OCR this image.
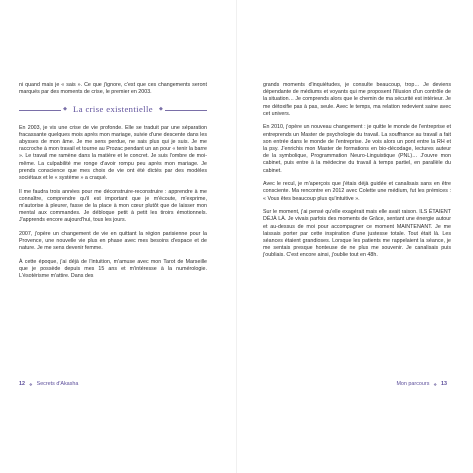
ni quand mais je « sais ». Ce que j'ignore, c'est que ces changements seront marqués par des moments de crise, le premier en 2003.

◆ La crise existentielle	◆

En 2003, je vis une crise de vie profonde. Elle se traduit par une séparation fracassante quelques mois après mon mariage, suivie d'une descente dans les abysses de mon âme. Je me sens perdue, ne sais plus qui je suis. Je me raccroche à mon travail et tourne au Prozac pendant un an pour « tenir la barre ». Le travail me ramène dans la matière et le concret. Je suis l'ombre de moi-même. La culpabilité me ronge d'avoir rompu peu après mon mariage. Je prends conscience que mes choix de vie ont été dictés par des modèles sociétaux et le « système » a craqué.

Il me faudra trois années pour me déconstruire-reconstruire : apprendre à me connaître, comprendre qu'il est important que je m'écoute, m'exprime, m'autorise à pleurer, fasse de la place à mon cœur plutôt que de laisser mon mental aux commandes. Je débloque petit à petit les tiroirs émotionnels. J'apprends encore aujourd'hui, tous les jours.

2007, j'opère un changement de vie en quittant la région parisienne pour la Provence, une nouvelle vie plus en phase avec mes besoins d'espace et de nature. Je me sens devenir femme.

À cette époque, j'ai déjà de l'intuition, m'amuse avec mon Tarot de Marseille que je possède depuis mes 15 ans et m'intéresse à la numérologie. L'ésotérisme m'attire. Dans des

12 ❖ Secrets d'Akasha

grands moments d'inquiétudes, je consulte beaucoup, trop… Je deviens dépendante de médiums et voyants qui me proposent l'illusion d'un contrôle de la situation… Je comprends alors que le chemin de ma sécurité est intérieur. Je me détoxifie pas à pas, seule. Avec le temps, ma relation redevient saine avec cet univers.

En 2010, j'opère un nouveau changement : je quitte le monde de l'entreprise et entreprends un Master de psychologie du travail. La souffrance au travail a fait son entrée dans le monde de l'entreprise. Je vois alors un pont entre la RH et la psy. J'enrichis mon Master de formations en bio-décodage, lectures auteur de la symbolique, Programmation Neuro-Linguistique (PNL)… J'ouvre mon cabinet, puis entre à la médecine du travail à temps partiel, en parallèle du cabinet.

Avec le recul, je m'aperçois que j'étais déjà guidée et canalisais sans en être consciente. Ma rencontre en 2012 avec Colette une médium, fut les prémices : « Vous êtes beaucoup plus qu'intuitive ».

Sur le moment, j'ai pensé qu'elle exagérait mais elle avait raison. ILS ÉTAIENT DÉJÀ LÀ. Je vivais parfois des moments de Grâce, sentant une énergie autour et au-dessus de moi pour accompagner ce moment MAINTENANT. Je me laissais porter par cette inspiration d'une justesse totale. Tout était là. Les séances étaient grandioses. Lorsque les patients me rappelaient la séance, je me sentais presque honteuse de ne plus me souvenir. Je canalisais puis j'oubliais. C'est encore ainsi, j'oublie tout en 48h.

Mon parcours ❖ 13
